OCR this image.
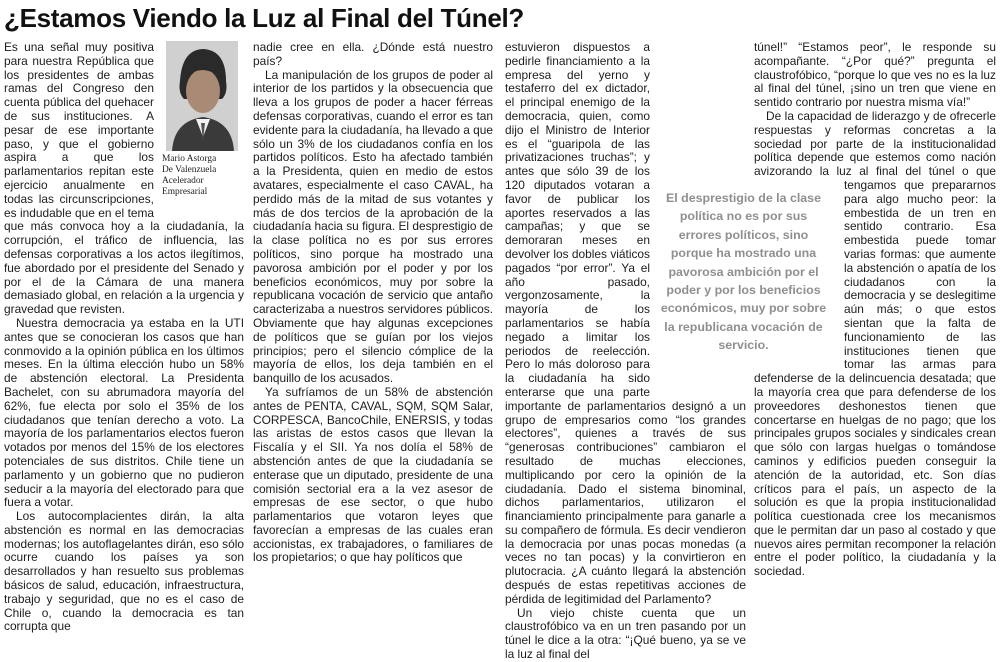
¿Estamos Viendo la Luz al Final del Túnel?
Mario Astorga
De Valenzuela
Acelerador
Empresarial

Es una señal muy positiva para nuestra República que los presidentes de ambas ramas del Congreso den cuenta pública del quehacer de sus instituciones. A pesar de ese importante paso, y que el gobierno aspira a que los parlamentarios repitan este ejercicio anualmente en todas las circunscripciones, es indudable que en el tema que más convoca hoy a la ciudadanía, la corrupción, el tráfico de influencia, las defensas corporativas a los actos ilegítimos, fue abordado por el presidente del Senado y por el de la Cámara de una manera demasiado global, en relación a la urgencia y gravedad que revisten.

Nuestra democracia ya estaba en la UTI antes que se conocieran los casos que han conmovido a la opinión pública en los últimos meses. En la última elección hubo un 58% de abstención electoral. La Presidenta Bachelet, con su abrumadora mayoría del 62%, fue electa por solo el 35% de los ciudadanos que tenían derecho a voto. La mayoría de los parlamentarios electos fueron votados por menos del 15% de los electores potenciales de sus distritos. Chile tiene un parlamento y un gobierno que no pudieron seducir a la mayoría del electorado para que fuera a votar.

Los autocomplacientes dirán, la alta abstención es normal en las democracias modernas; los autoflagelantes dirán, eso sólo ocurre cuando los países ya son desarrollados y han resuelto sus problemas básicos de salud, educación, infraestructura, trabajo y seguridad, que no es el caso de Chile o, cuando la democracia es tan corrupta que

nadie cree en ella. ¿Dónde está nuestro país?

La manipulación de los grupos de poder al interior de los partidos y la obsecuencia que lleva a los grupos de poder a hacer férreas defensas corporativas, cuando el error es tan evidente para la ciudadanía, ha llevado a que sólo un 3% de los ciudadanos confía en los partidos políticos. Esto ha afectado también a la Presidenta, quien en medio de estos avatares, especialmente el caso CAVAL, ha perdido más de la mitad de sus votantes y más de dos tercios de la aprobación de la ciudadanía hacia su figura. El desprestigio de la clase política no es por sus errores políticos, sino porque ha mostrado una pavorosa ambición por el poder y por los beneficios económicos, muy por sobre la republicana vocación de servicio que antaño caracterizaba a nuestros servidores públicos. Obviamente que hay algunas excepciones de políticos que se guían por los viejos principios; pero el silencio cómplice de la mayoría de ellos, los deja también en el banquillo de los acusados.

Ya sufríamos de un 58% de abstención antes de PENTA, CAVAL, SQM, SQM Salar, CORPESCA, BancoChile, ENERSIS, y todas las aristas de estos casos que llevan la Fiscalía y el SII. Ya nos dolía el 58% de abstención antes de que la ciudadanía se enterase que un diputado, presidente de una comisión sectorial era a la vez asesor de empresas de ese sector, o que hubo parlamentarios que votaron leyes que favorecían a empresas de las cuales eran accionistas, ex trabajadores, o familiares de los propietarios; o que hay políticos que

estuvieron dispuestos a pedirle financiamiento a la empresa del yerno y testaferro del ex dictador, el principal enemigo de la democracia, quien, como dijo el Ministro de Interior es el “guaripola de las privatizaciones truchas”; y antes que sólo 39 de los 120 diputados votaran a favor de publicar los aportes reservados a las campañas; y que se demoraran meses en devolver los dobles viáticos pagados “por error”. Ya el año pasado, vergonzosamente, la mayoría de los parlamentarios se había negado a limitar los periodos de reelección. Pero lo más doloroso para la ciudadanía ha sido enterarse que una parte importante de parlamentarios designó a un grupo de empresarios como “los grandes electores”, quienes a través de sus “generosas contribuciones” cambiaron el resultado de muchas elecciones, multiplicando por cero la opinión de la ciudadanía. Dado el sistema binominal, dichos parlamentarios, utilizaron el financiamiento principalmente para ganarle a su compañero de fórmula. Es decir vendieron la democracia por unas pocas monedas (a veces no tan pocas) y la convirtieron en plutocracia. ¿A cuánto llegará la abstención después de estas repetitivas acciones de pérdida de legitimidad del Parlamento?

Un viejo chiste cuenta que un claustrofóbico va en un tren pasando por un túnel le dice a la otra: “¡Qué bueno, ya se ve la luz al final del

túnel!” “Estamos peor”, le responde su acompañante. “¿Por qué?” pregunta el claustrofóbico, “porque lo que ves no es la luz al final del túnel, ¡sino un tren que viene en sentido contrario por nuestra misma vía!”

De la capacidad de liderazgo y de ofrecerle respuestas y reformas concretas a la sociedad por parte de la institucionalidad política depende que estemos como nación avizorando la luz al final del túnel o que tengamos que prepararnos para algo mucho peor: la embestida de un tren en sentido contrario. Esa embestida puede tomar varias formas: que aumente la abstención o apatía de los ciudadanos con la democracia y se deslegitime aún más; o que estos sientan que la falta de funcionamiento de las instituciones tienen que tomar las armas para defenderse de la delincuencia desatada; que la mayoría crea que para defenderse de los proveedores deshonestos tienen que concertarse en huelgas de no pago; que los principales grupos sociales y sindicales crean que sólo con largas huelgas o tomándose caminos y edificios pueden conseguir la atención de la autoridad, etc. Son días críticos para el país, un aspecto de la solución es que la propia institucionalidad política cuestionada cree los mecanismos que le permitan dar un paso al costado y que nuevos aires permitan recomponer la relación entre el poder político, la ciudadanía y la sociedad.

El desprestigio de la clase política no es por sus errores políticos, sino porque ha mostrado una pavorosa ambición por el poder y por los beneficios económicos, muy por sobre la republicana vocación de servicio.
